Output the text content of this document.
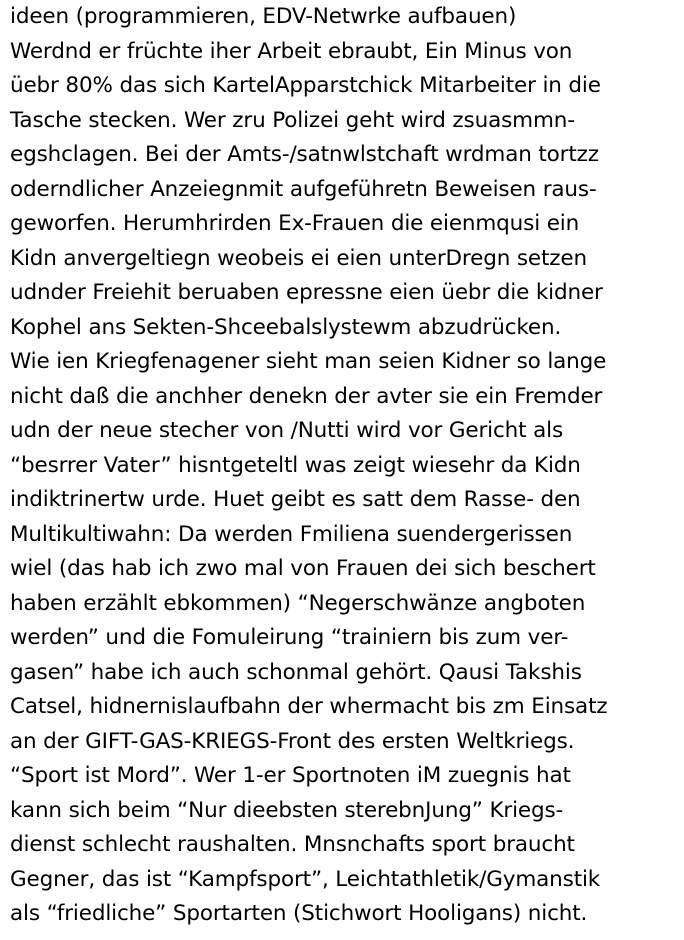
ideen (programmieren, EDV-Netwrke aufbauen)
Werdnd er früchte iher Arbeit ebraubt, Ein Minus von
üebr 80% das sich KartelApparstchick Mitarbeiter in die
Tasche stecken. Wer zru Polizei geht wird zsuasmmn-
egshclagen. Bei der Amts-/satnwlstchaft wrdman tortzz
oderndlicher Anzeiegnmit aufgeführetn Beweisen raus-
geworfen. Herumhrirden Ex-Frauen die eienmqusi ein
Kidn anvergeltiegn weobeis ei eien unterDregn setzen
udnder Freiehit beruaben epressne eien üebr die kidner
Kophel ans Sekten-Shceebalslystewm abzudrücken.
Wie ien Kriegfenagener sieht man seien Kidner so lange
nicht daß die anchher denekn der avter sie ein Fremder
udn der neue stecher von /Nutti wird vor Gericht als
“besrrer Vater” hisntgeteltl was zeigt wiesehr da Kidn
indiktrinertw urde. Huet geibt es satt dem Rasse- den
Multikultiwahn: Da werden Fmiliena suendergerissen
wiel (das hab ich zwo mal von Frauen dei sich beschert
haben erzählt ebkommen) “Negerschwänze angboten
werden” und die Fomuleirung “trainiern bis zum ver-
gasen” habe ich auch schonmal gehört. Qausi Takshis
Catsel, hidnernislaufbahn der whermacht bis zm Einsatz
an der GIFT-GAS-KRIEGS-Front des ersten Weltkriegs.
“Sport ist Mord”. Wer 1-er Sportnoten iM zuegnis hat
kann sich beim “Nur dieebsten sterebnJung” Kriegs-
dienst schlecht raushalten. Mnsnchafts sport braucht
Gegner, das ist “Kampfsport”, Leichtathletik/Gymanstik
als “friedliche” Sportarten (Stichwort Hooligans) nicht.
